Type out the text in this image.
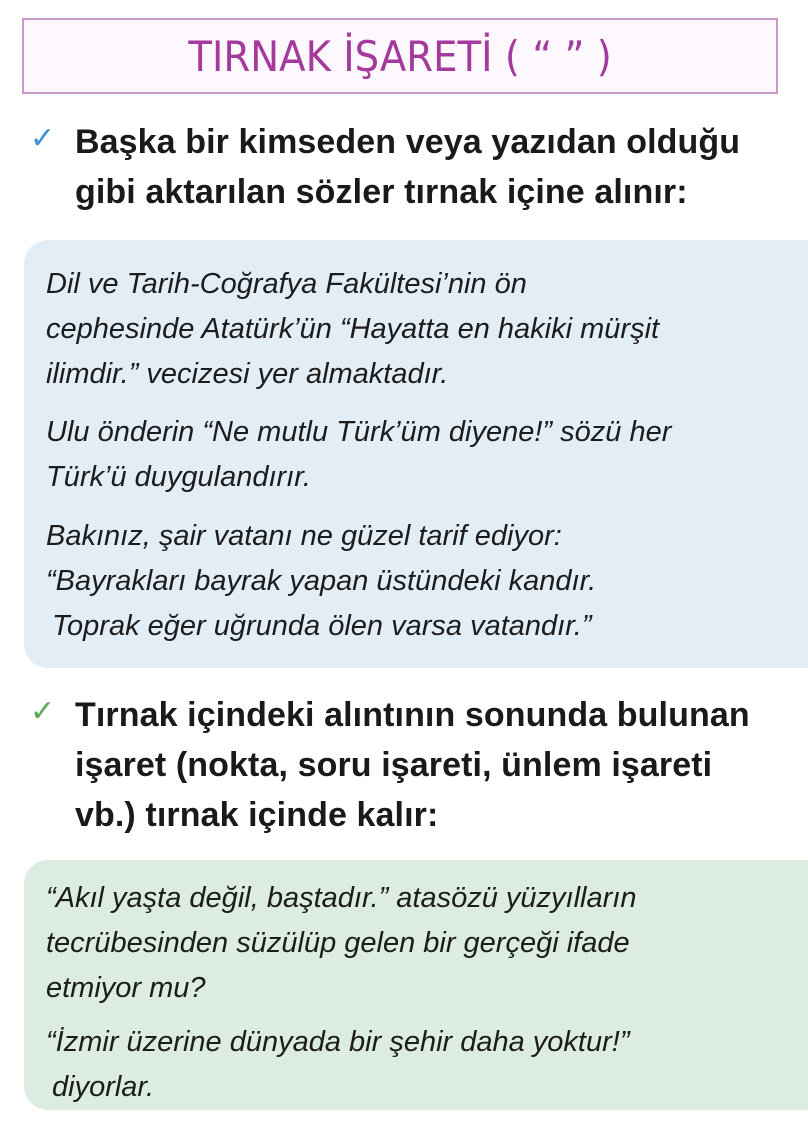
TIRNAK İŞARETİ ( “ ” )
✓ Başka bir kimseden veya yazıdan olduğu
gibi aktarılan sözler tırnak içine alınır:

Dil ve Tarih-Coğrafya Fakültesi’nin ön
cephesinde Atatürk’ün “Hayatta en hakiki mürşit
ilimdir.” vecizesi yer almaktadır.

Ulu önderin “Ne mutlu Türk’üm diyene!” sözü her
Türk’ü duygulandırır.

Bakınız, şair vatanı ne güzel tarif ediyor:
“Bayrakları bayrak yapan üstündeki kandır.
Toprak eğer uğrunda ölen varsa vatandır.”

✓ Tırnak içindeki alıntının sonunda bulunan
işaret (nokta, soru işareti, ünlem işareti
vb.) tırnak içinde kalır:

“Akıl yaşta değil, baştadır.” atasözü yüzyılların
tecrübesinden süzülüp gelen bir gerçeği ifade
etmiyor mu?

“İzmir üzerine dünyada bir şehir daha yoktur!”
diyorlar.
